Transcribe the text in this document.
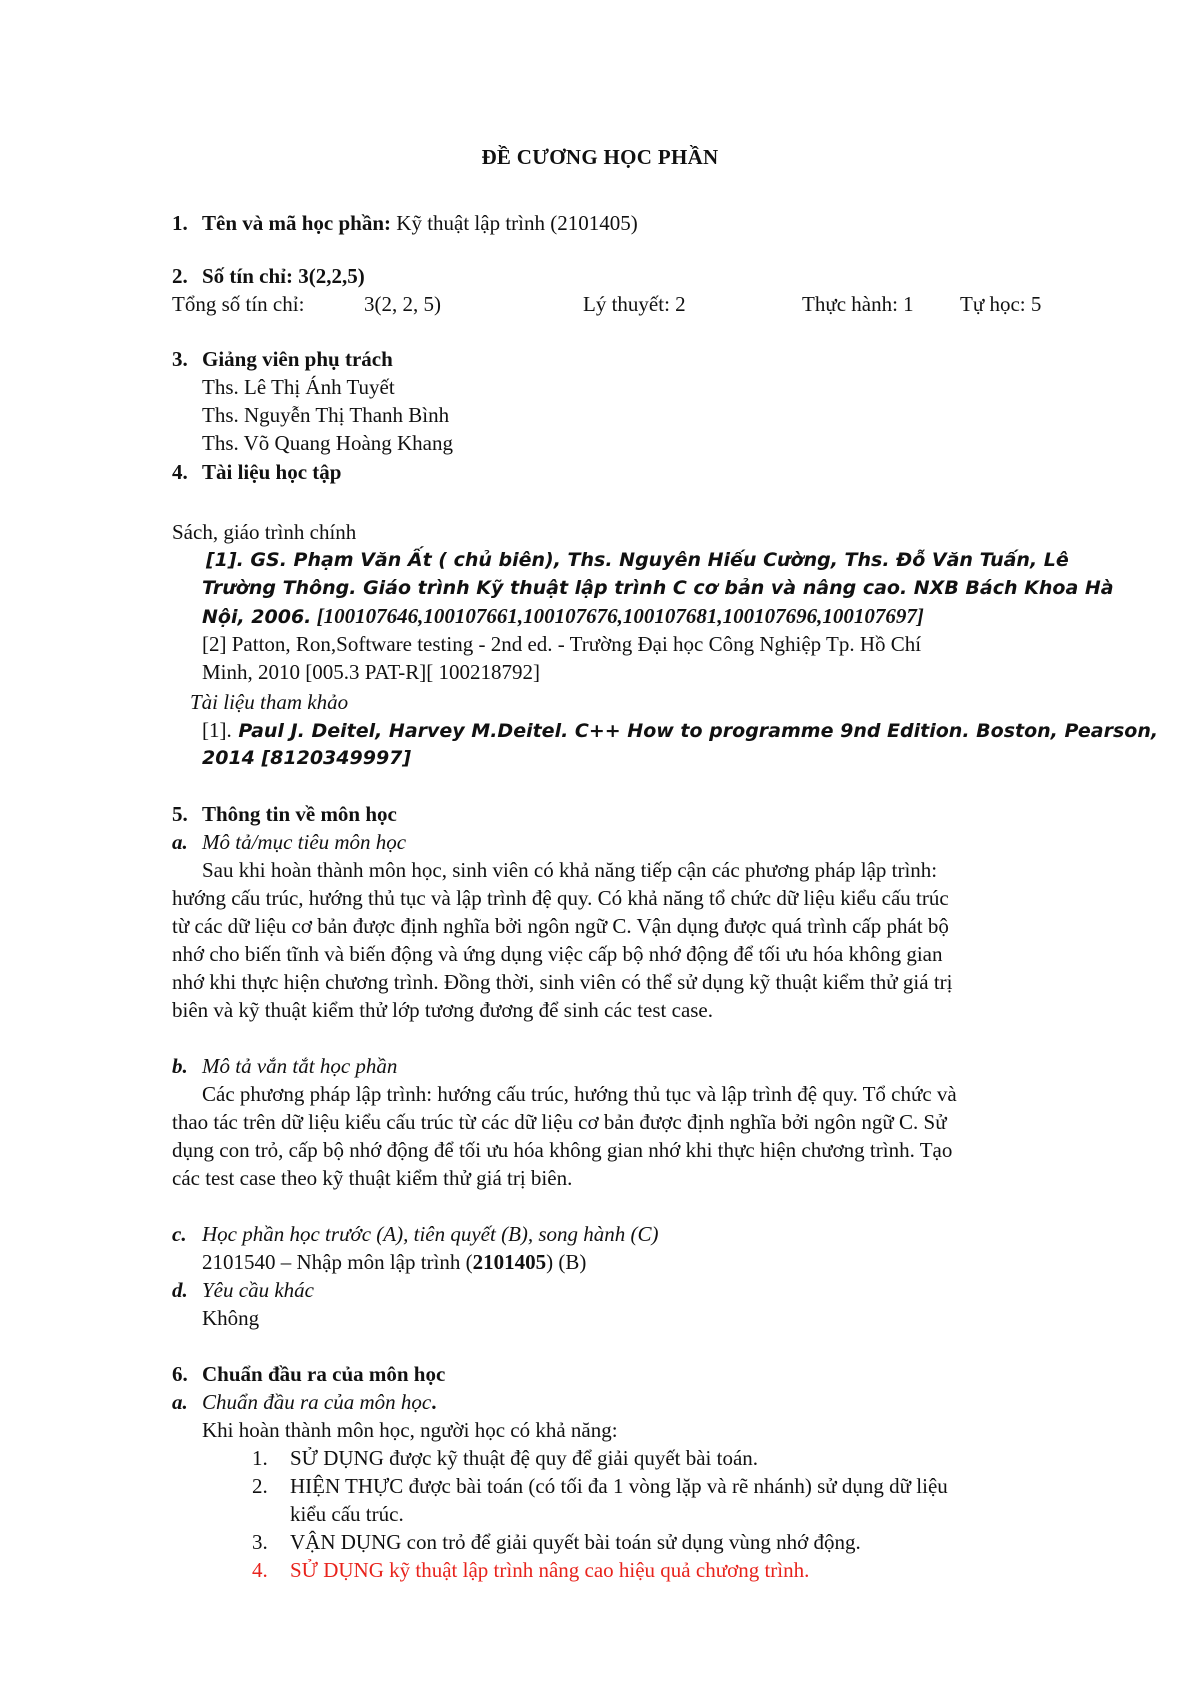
ĐỀ CƯƠNG HỌC PHẦN
1. Tên và mã học phần: Kỹ thuật lập trình (2101405)
2. Số tín chỉ: 3(2,2,5)
Tổng số tín chỉ:	3(2, 2, 5)	Lý thuyết: 2	Thực hành: 1 Tự học: 5
3. Giảng viên phụ trách
Ths. Lê Thị Ánh Tuyết
Ths. Nguyễn Thị Thanh Bình
Ths. Võ Quang Hoàng Khang
4. Tài liệu học tập
Sách, giáo trình chính
[1]. GS. Phạm Văn Ất ( chủ biên), Ths. Nguyên Hiếu Cường, Ths. Đỗ Văn Tuấn, Lê
Trường Thông. Giáo trình Kỹ thuật lập trình C cơ bản và nâng cao. NXB Bách Khoa Hà
Nội, 2006. [100107646,100107661,100107676,100107681,100107696,100107697]
[2] Patton, Ron,Software testing - 2nd ed. - Trường Đại học Công Nghiệp Tp. Hồ Chí
Minh, 2010 [005.3 PAT-R][ 100218792]
Tài liệu tham khảo
[1]. Paul J. Deitel, Harvey M.Deitel. C++ How to programme 9nd Edition. Boston, Pearson,
2014 [8120349997]
5. Thông tin về môn học
a. Mô tả/mục tiêu môn học
Sau khi hoàn thành môn học, sinh viên có khả năng tiếp cận các phương pháp lập trình:
hướng cấu trúc, hướng thủ tục và lập trình đệ quy. Có khả năng tổ chức dữ liệu kiểu cấu trúc
từ các dữ liệu cơ bản được định nghĩa bởi ngôn ngữ C. Vận dụng được quá trình cấp phát bộ
nhớ cho biến tĩnh và biến động và ứng dụng việc cấp bộ nhớ động để tối ưu hóa không gian
nhớ khi thực hiện chương trình. Đồng thời, sinh viên có thể sử dụng kỹ thuật kiểm thử giá trị
biên và kỹ thuật kiểm thử lớp tương đương để sinh các test case.
b. Mô tả vắn tắt học phần
Các phương pháp lập trình: hướng cấu trúc, hướng thủ tục và lập trình đệ quy. Tổ chức và
thao tác trên dữ liệu kiểu cấu trúc từ các dữ liệu cơ bản được định nghĩa bởi ngôn ngữ C. Sử
dụng con trỏ, cấp bộ nhớ động để tối ưu hóa không gian nhớ khi thực hiện chương trình. Tạo
các test case theo kỹ thuật kiểm thử giá trị biên.
c. Học phần học trước (A), tiên quyết (B), song hành (C)
2101540 – Nhập môn lập trình (2101405) (B)
d. Yêu cầu khác
Không
6. Chuẩn đầu ra của môn học
a. Chuẩn đầu ra của môn học.
Khi hoàn thành môn học, người học có khả năng:
1. SỬ DỤNG được kỹ thuật đệ quy để giải quyết bài toán.
2. HIỆN THỰC được bài toán (có tối đa 1 vòng lặp và rẽ nhánh) sử dụng dữ liệu
kiểu cấu trúc.
3. VẬN DỤNG con trỏ để giải quyết bài toán sử dụng vùng nhớ động.
4. SỬ DỤNG kỹ thuật lập trình nâng cao hiệu quả chương trình.
